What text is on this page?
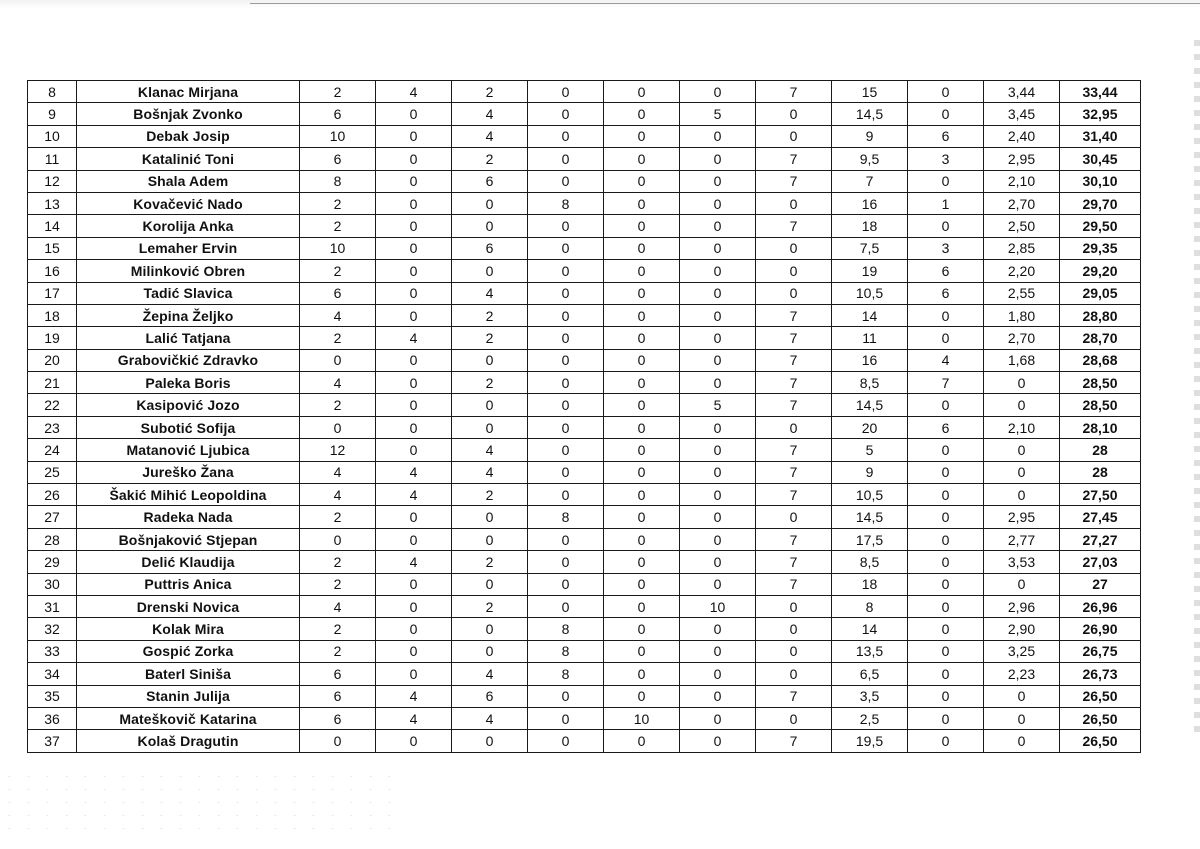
8	Klanac Mirjana	2	4	2	0	0	0	7	15	0	3,44	33,44
9	Bošnjak Zvonko	6	0	4	0	0	5	0	14,5	0	3,45	32,95
10	Debak Josip	10	0	4	0	0	0	0	9	6	2,40	31,40
11	Katalinić Toni	6	0	2	0	0	0	7	9,5	3	2,95	30,45
12	Shala Adem	8	0	6	0	0	0	7	7	0	2,10	30,10
13	Kovačević Nado	2	0	0	8	0	0	0	16	1	2,70	29,70
14	Korolija Anka	2	0	0	0	0	0	7	18	0	2,50	29,50
15	Lemaher Ervin	10	0	6	0	0	0	0	7,5	3	2,85	29,35
16	Milinković Obren	2	0	0	0	0	0	0	19	6	2,20	29,20
17	Tadić Slavica	6	0	4	0	0	0	0	10,5	6	2,55	29,05
18	Žepina Željko	4	0	2	0	0	0	7	14	0	1,80	28,80
19	Lalić Tatjana	2	4	2	0	0	0	7	11	0	2,70	28,70
20	Grabovičkić Zdravko	0	0	0	0	0	0	7	16	4	1,68	28,68
21	Paleka Boris	4	0	2	0	0	0	7	8,5	7	0	28,50
22	Kasipović Jozo	2	0	0	0	0	5	7	14,5	0	0	28,50
23	Subotić Sofija	0	0	0	0	0	0	0	20	6	2,10	28,10
24	Matanović Ljubica	12	0	4	0	0	0	7	5	0	0	28
25	Jureško Žana	4	4	4	0	0	0	7	9	0	0	28
26	Šakić Mihić Leopoldina	4	4	2	0	0	0	7	10,5	0	0	27,50
27	Radeka Nada	2	0	0	8	0	0	0	14,5	0	2,95	27,45
28	Bošnjaković Stjepan	0	0	0	0	0	0	7	17,5	0	2,77	27,27
29	Delić Klaudija	2	4	2	0	0	0	7	8,5	0	3,53	27,03
30	Puttris Anica	2	0	0	0	0	0	7	18	0	0	27
31	Drenski Novica	4	0	2	0	0	10	0	8	0	2,96	26,96
32	Kolak Mira	2	0	0	8	0	0	0	14	0	2,90	26,90
33	Gospić Zorka	2	0	0	8	0	0	0	13,5	0	3,25	26,75
34	Baterl Siniša	6	0	4	8	0	0	0	6,5	0	2,23	26,73
35	Stanin Julija	6	4	6	0	0	0	7	3,5	0	0	26,50
36	Mateškovič Katarina	6	4	4	0	10	0	0	2,5	0	0	26,50
37	Kolaš Dragutin	0	0	0	0	0	0	7	19,5	0	0	26,50
